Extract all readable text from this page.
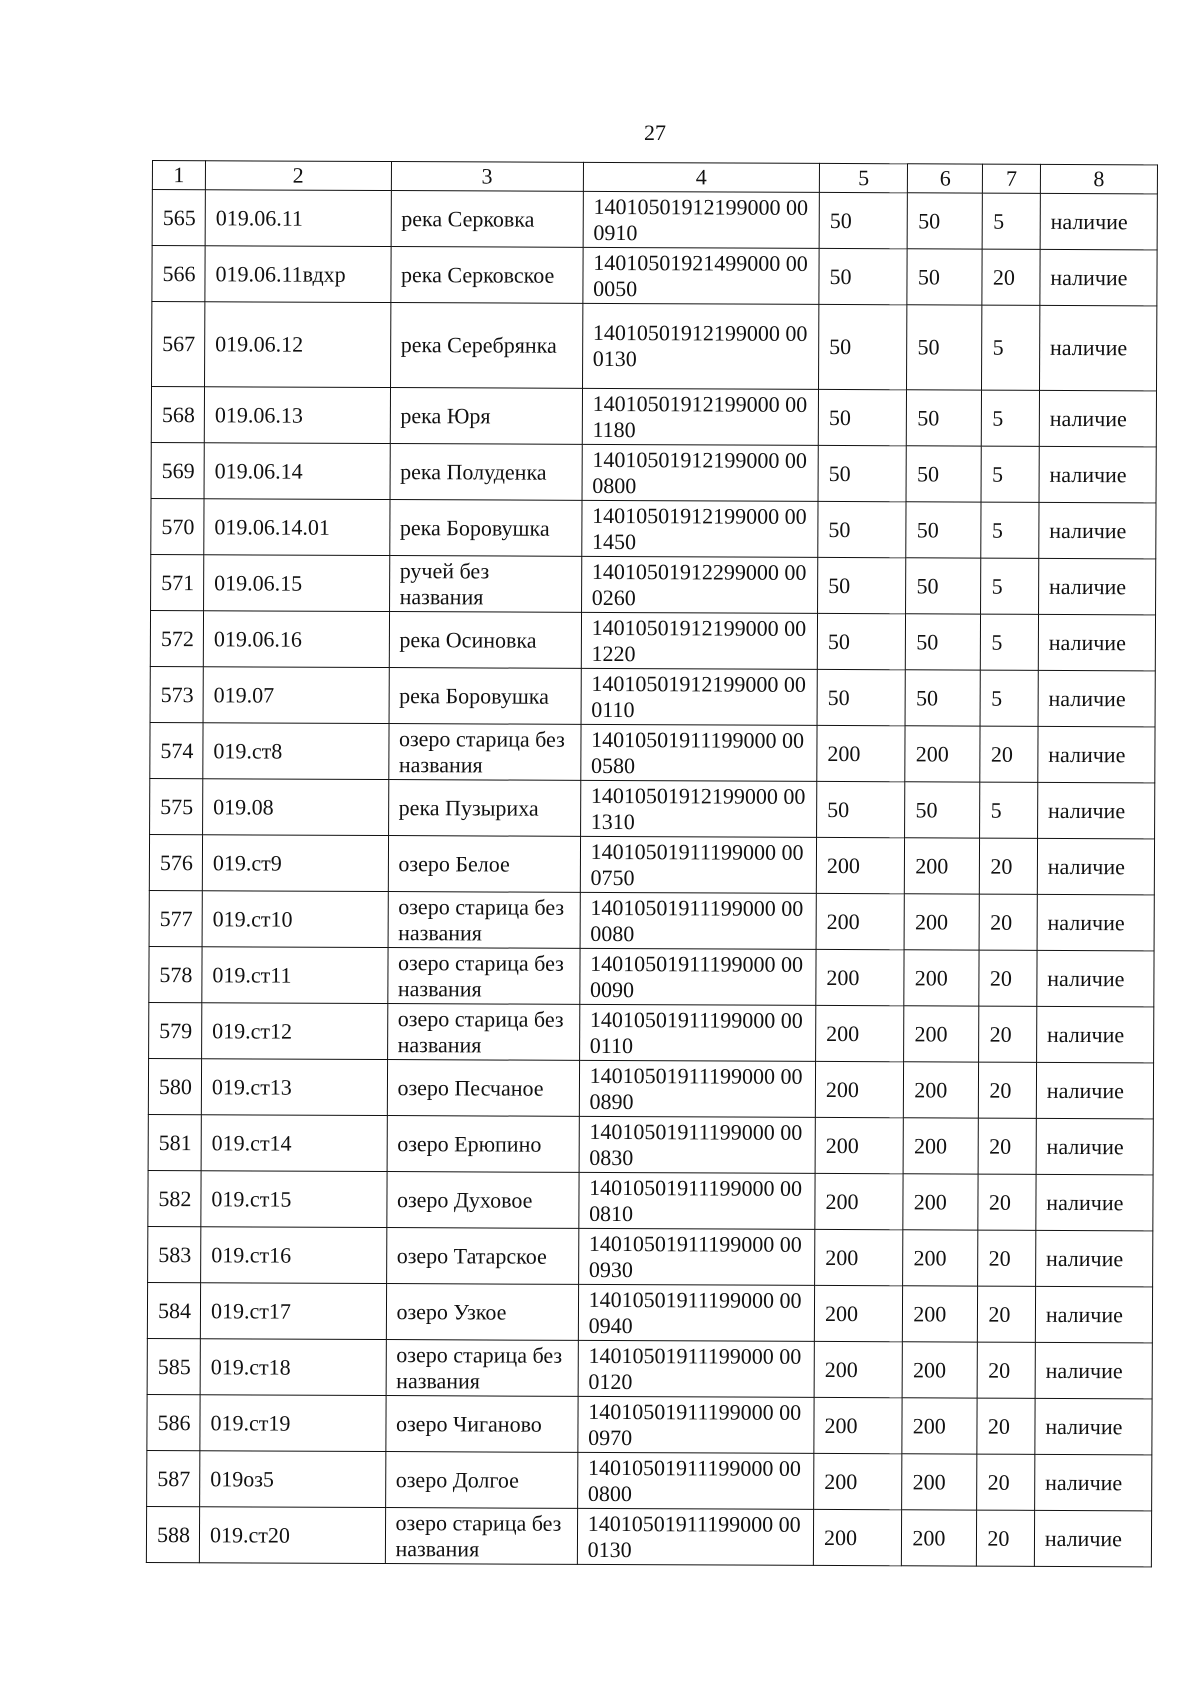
27
1	2	3	4	5	6	7	8
565	019.06.11	река Серковка	14010501912199000 000910	50	50	5	наличие
566	019.06.11вдхр	река Серковское	14010501921499000 000050	50	50	20	наличие
567	019.06.12	река Серебрянка	14010501912199000 000130	50	50	5	наличие
568	019.06.13	река Юря	14010501912199000 001180	50	50	5	наличие
569	019.06.14	река Полуденка	14010501912199000 000800	50	50	5	наличие
570	019.06.14.01	река Боровушка	14010501912199000 001450	50	50	5	наличие
571	019.06.15	ручей без названия	14010501912299000 000260	50	50	5	наличие
572	019.06.16	река Осиновка	14010501912199000 001220	50	50	5	наличие
573	019.07	река Боровушка	14010501912199000 000110	50	50	5	наличие
574	019.ст8	озеро старица без названия	14010501911199000 000580	200	200	20	наличие
575	019.08	река Пузыриха	14010501912199000 001310	50	50	5	наличие
576	019.ст9	озеро Белое	14010501911199000 000750	200	200	20	наличие
577	019.ст10	озеро старица без названия	14010501911199000 000080	200	200	20	наличие
578	019.ст11	озеро старица без названия	14010501911199000 000090	200	200	20	наличие
579	019.ст12	озеро старица без названия	14010501911199000 000110	200	200	20	наличие
580	019.ст13	озеро Песчаное	14010501911199000 000890	200	200	20	наличие
581	019.ст14	озеро Ерюпино	14010501911199000 000830	200	200	20	наличие
582	019.ст15	озеро Духовое	14010501911199000 000810	200	200	20	наличие
583	019.ст16	озеро Татарское	14010501911199000 000930	200	200	20	наличие
584	019.ст17	озеро Узкое	14010501911199000 000940	200	200	20	наличие
585	019.ст18	озеро старица без названия	14010501911199000 000120	200	200	20	наличие
586	019.ст19	озеро Чиганово	14010501911199000 000970	200	200	20	наличие
587	019оз5	озеро Долгое	14010501911199000 000800	200	200	20	наличие
588	019.ст20	озеро старица без названия	14010501911199000 000130	200	200	20	наличие
